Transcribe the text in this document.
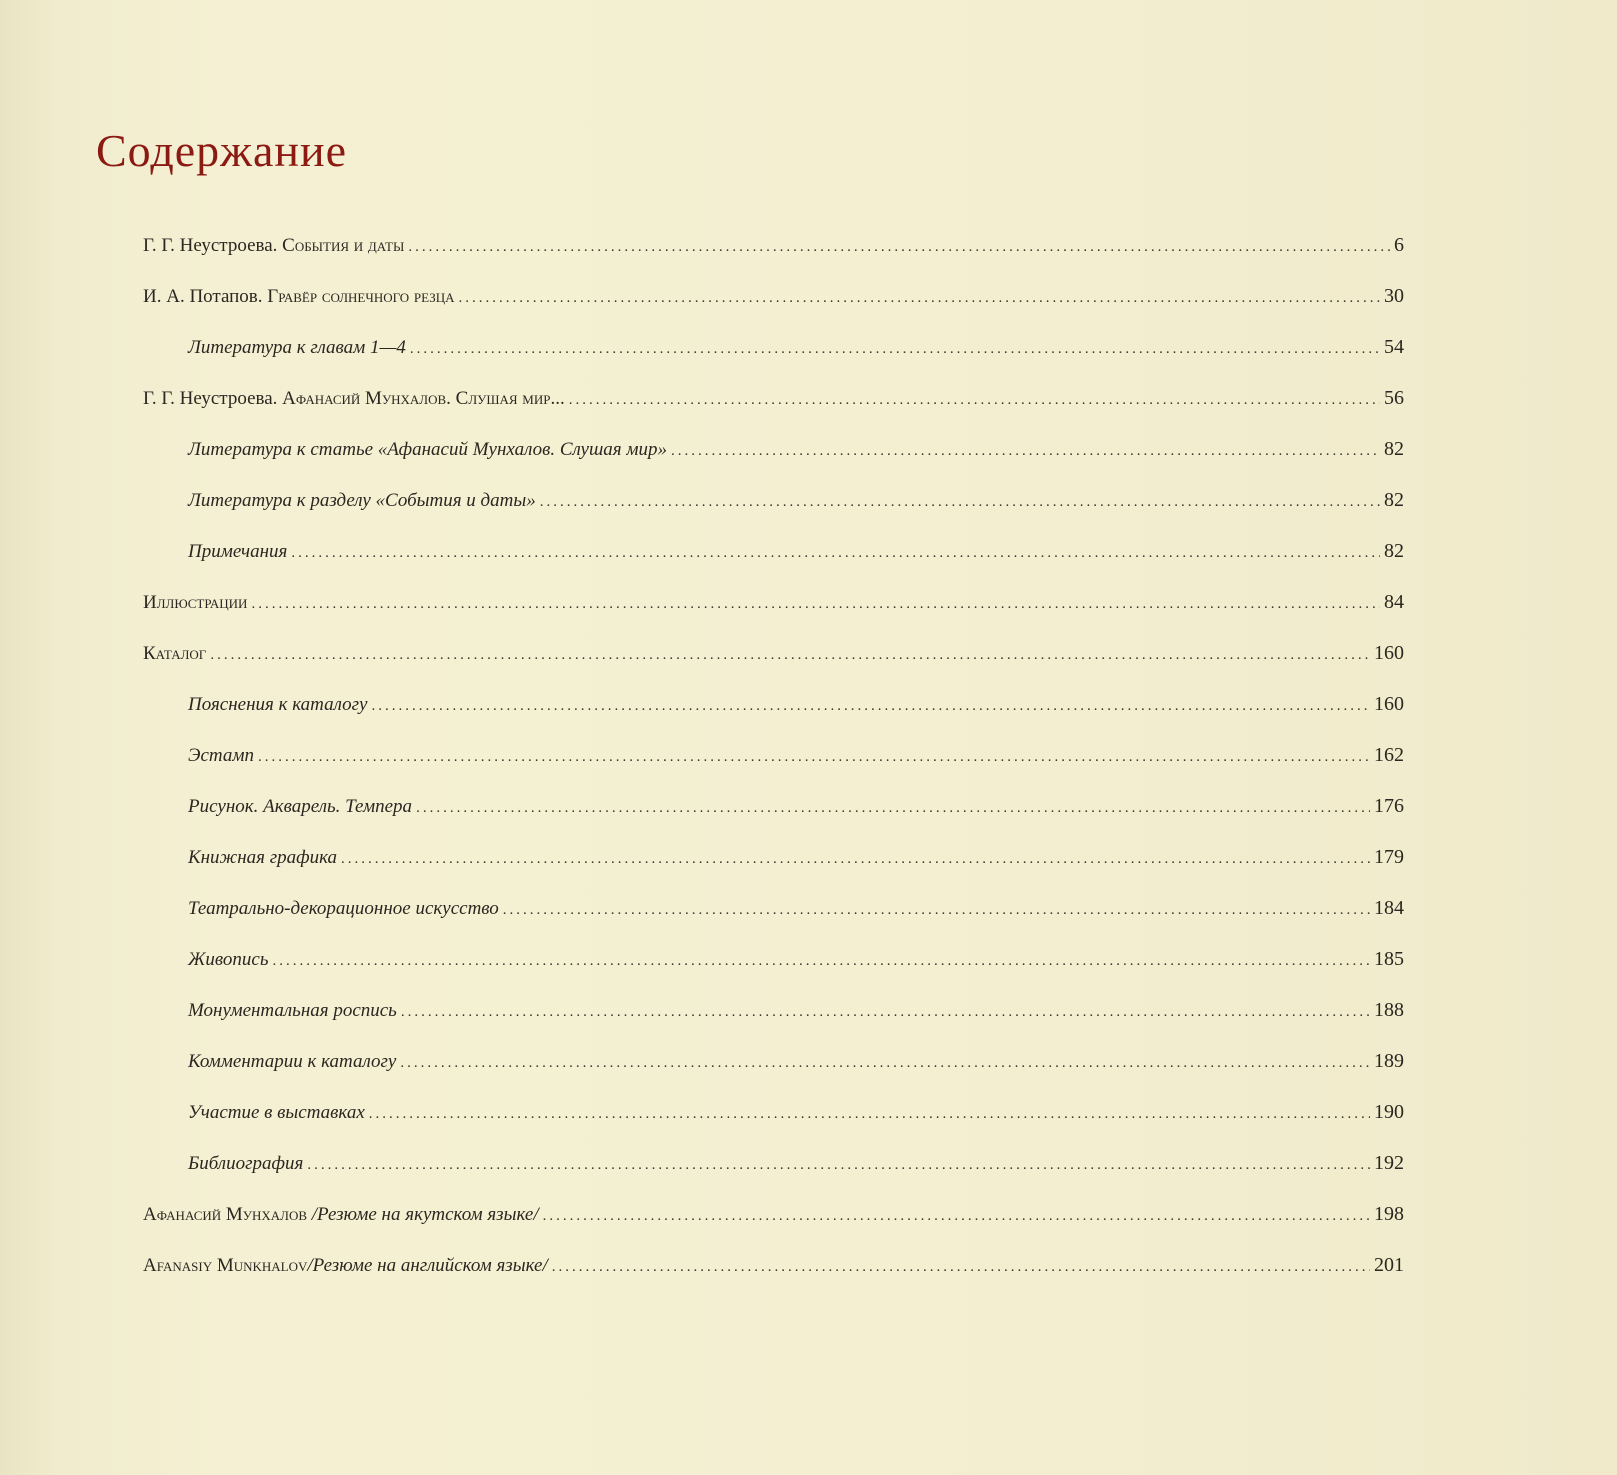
Содержание
Г. Г. Неустроева. События и даты .....	6
И. А. Потапов. Гравёр солнечного резца .....	30
Литература к главам 1—4 .....	54
Г. Г. Неустроева. Афанасий Мунхалов. Слушая мир... .....	56
Литература к статье «Афанасий Мунхалов. Слушая мир» .....	82
Литература к разделу «События и даты» .....	82
Примечания .....	82
Иллюстрации .....	84
Каталог .....	160
Пояснения к каталогу .....	160
Эстамп .....	162
Рисунок. Акварель. Темпера .....	176
Книжная графика .....	179
Театрально-декорационное искусство .....	184
Живопись .....	185
Монументальная роспись .....	188
Комментарии к каталогу .....	189
Участие в выставках .....	190
Библиография .....	192
Афанасий Мунхалов /Резюме на якутском языке/ .....	198
Afanasiy Munkhalov/Резюме на английском языке/ .....	201
